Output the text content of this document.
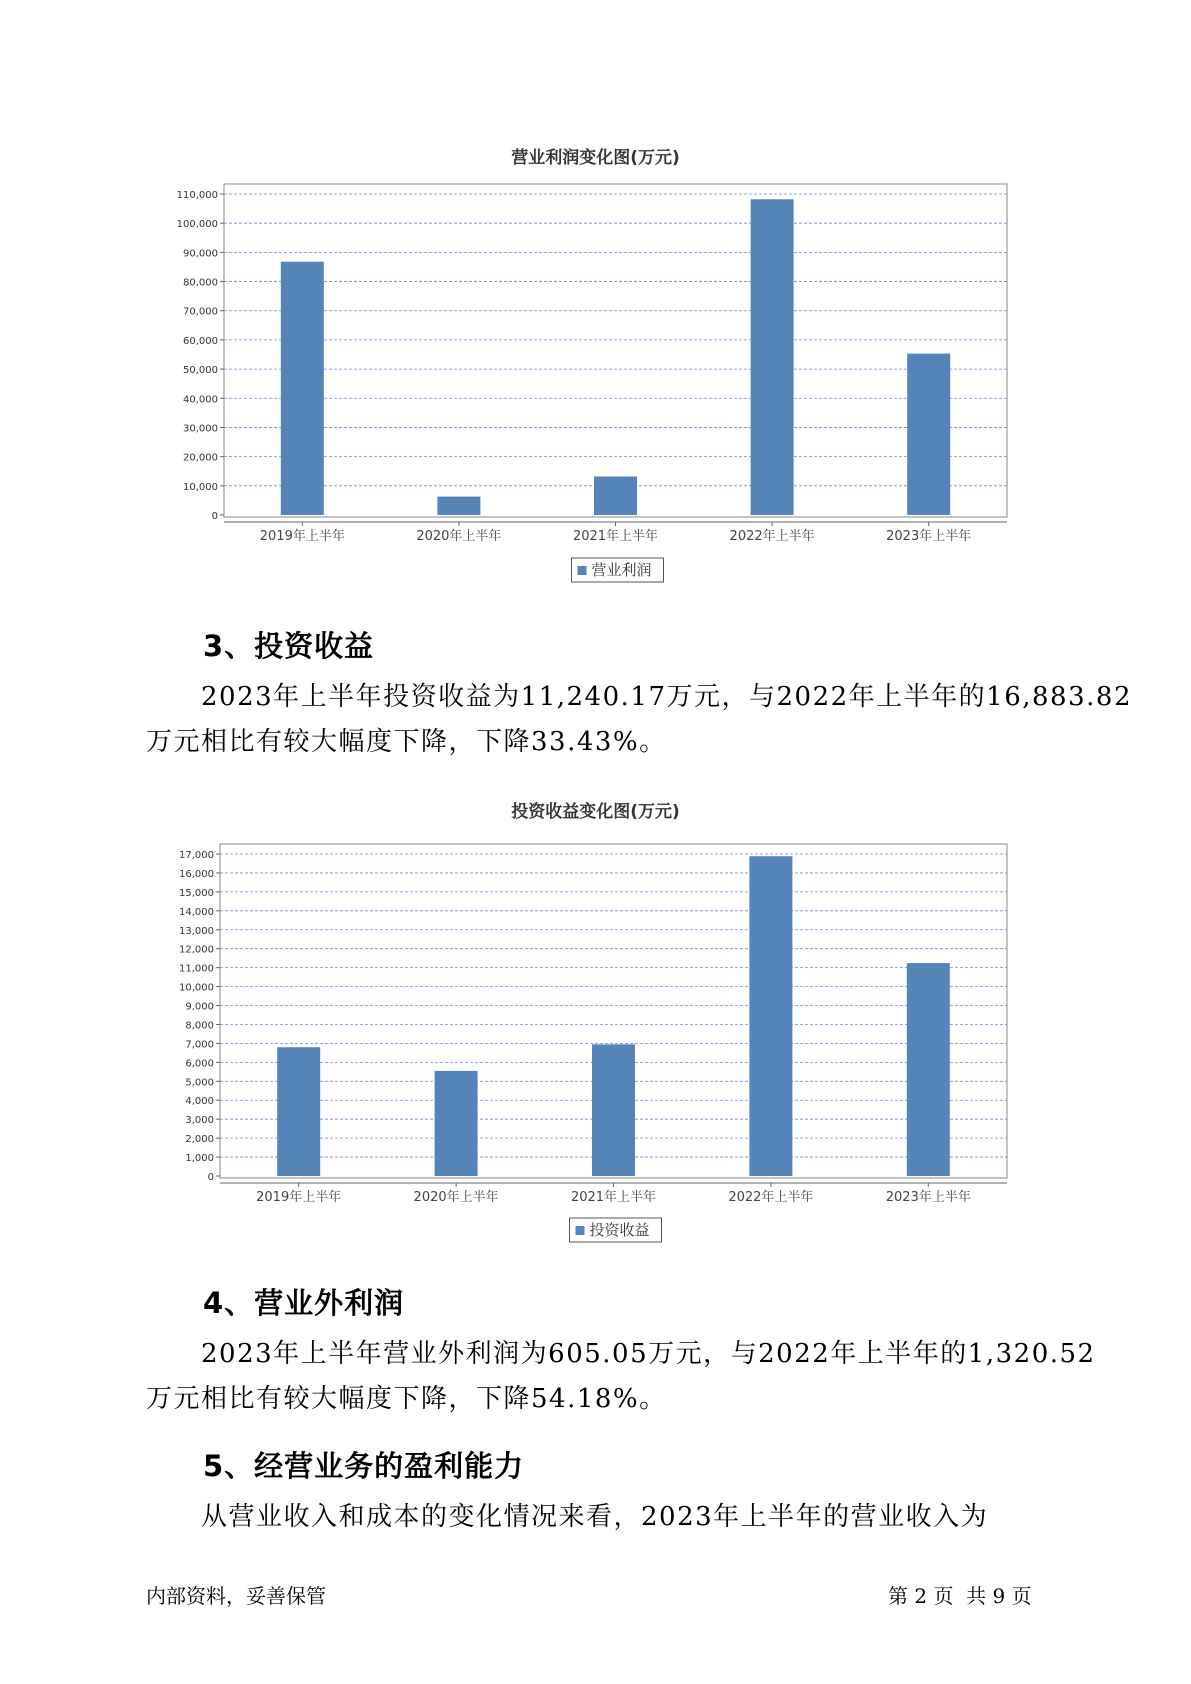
营业利润变化图(万元)
0
10,000
20,000
30,000
40,000
50,000
60,000
70,000
80,000
90,000
100,000
110,000
2019年上半年	2020年上半年	2021年上半年	2022年上半年	2023年上半年
营业利润
3、投资收益
2023年上半年投资收益为11,240.17万元，与2022年上半年的16,883.82
万元相比有较大幅度下降，下降33.43%。
投资收益变化图(万元)
0
1,000
2,000
3,000
4,000
5,000
6,000
7,000
8,000
9,000
10,000
11,000
12,000
13,000
14,000
15,000
16,000
17,000
2019年上半年	2020年上半年	2021年上半年	2022年上半年	2023年上半年
投资收益
4、营业外利润
2023年上半年营业外利润为605.05万元，与2022年上半年的1,320.52
万元相比有较大幅度下降，下降54.18%。
5、经营业务的盈利能力
从营业收入和成本的变化情况来看，2023年上半年的营业收入为
内部资料，妥善保管	第 2 页  共 9 页
